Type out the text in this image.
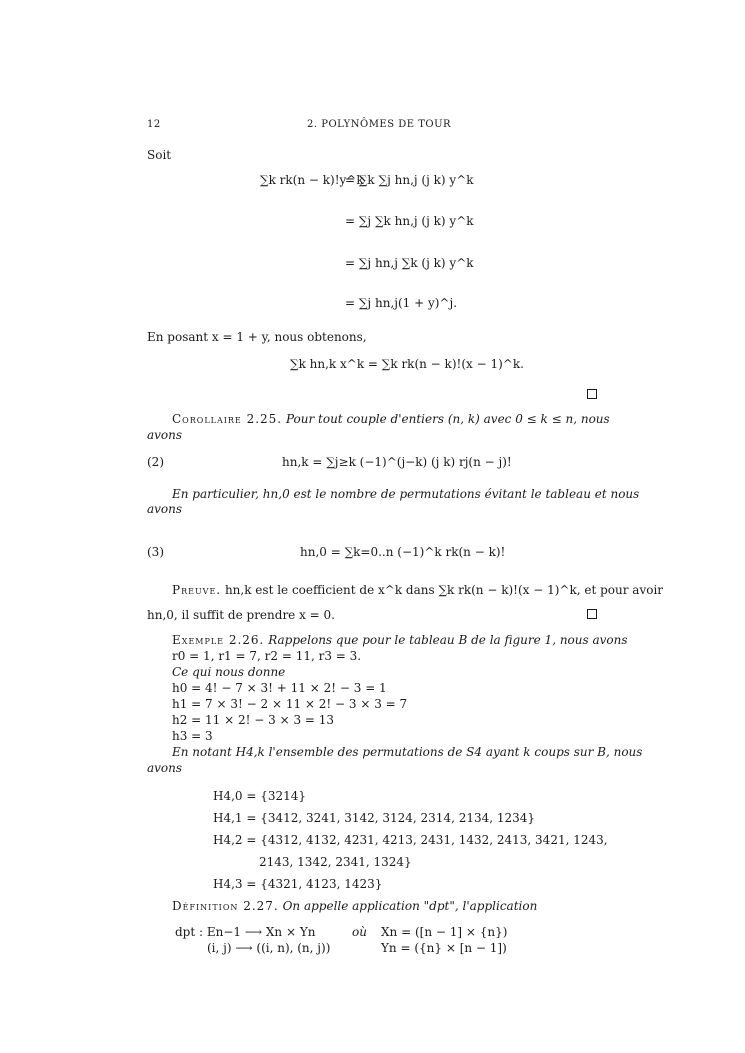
12	2. POLYNÔMES DE TOUR
Soit
∑k rk(n − k)!y^k
= ∑k ∑j hn,j (j k) y^k
= ∑j ∑k hn,j (j k) y^k
= ∑j hn,j ∑k (j k) y^k
= ∑j hn,j(1 + y)^j.
En posant x = 1 + y, nous obtenons,
∑k hn,k x^k = ∑k rk(n − k)!(x − 1)^k.
Corollaire 2.25. Pour tout couple d'entiers (n, k) avec 0 ≤ k ≤ n, nous
avons
(2)	hn,k = ∑j≥k (−1)^(j−k) (j k) rj(n − j)!
En particulier, hn,0 est le nombre de permutations évitant le tableau et nous
avons
(3)	hn,0 = ∑k=0..n (−1)^k rk(n − k)!
Preuve. hn,k est le coefficient de x^k dans ∑k rk(n − k)!(x − 1)^k, et pour avoir
hn,0, il suffit de prendre x = 0.
Exemple 2.26. Rappelons que pour le tableau B de la figure 1, nous avons
r0 = 1, r1 = 7, r2 = 11, r3 = 3.
Ce qui nous donne
h0 = 4! − 7 × 3! + 11 × 2! − 3 = 1
h1 = 7 × 3! − 2 × 11 × 2! − 3 × 3 = 7
h2 = 11 × 2! − 3 × 3 = 13
h3 = 3
En notant H4,k l'ensemble des permutations de S4 ayant k coups sur B, nous
avons
H4,0 = {3214}
H4,1 = {3412, 3241, 3142, 3124, 2314, 2134, 1234}
H4,2 = {4312, 4132, 4231, 4213, 2431, 1432, 2413, 3421, 1243,
2143, 1342, 2341, 1324}
H4,3 = {4321, 4123, 1423}
Définition 2.27. On appelle application "dpt", l'application
dpt : En−1 ⟶ Xn × Yn
(i, j) ⟶ ((i, n), (n, j))
où Xn = ([n − 1] × {n})
Yn = ({n} × [n − 1])
